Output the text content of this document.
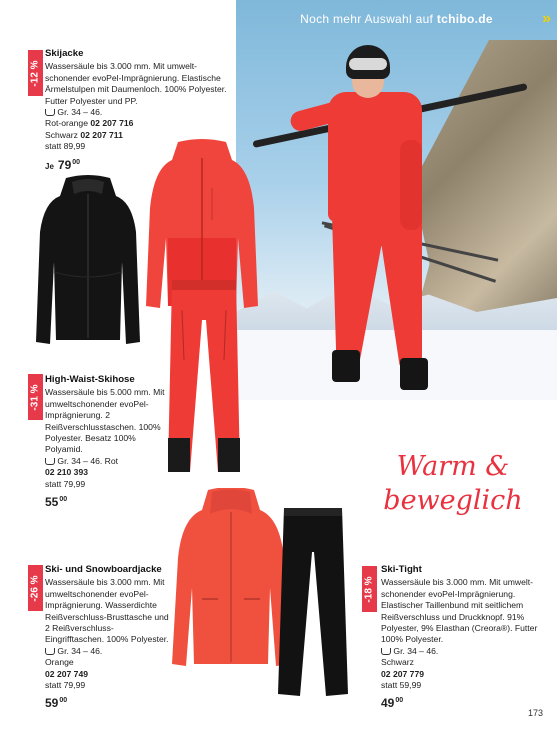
Noch mehr Auswahl auf tchibo.de	»
-12 %
Skijacke
Wassersäule bis 3.000 mm. Mit umwelt-schonender evoPel-Imprägnierung. Elastische Ärmelstulpen mit Daumenloch. 100% Polyester. Futter Polyester und PP.
Gr. 34 – 46.
Rot-orange 02 207 716
Schwarz 02 207 711
statt 89,99
Je $79^{00}$
-31 %
High-Waist-Skihose
Wassersäule bis 5.000 mm. Mit umweltschonender evoPel-Imprägnierung. 2 Reißverschlusstaschen. 100% Polyester. Besatz 100% Polyamid.
Gr. 34 – 46. Rot
02 210 393
statt 79,99
$55^{00}$
Warm &
beweglich
-26 %
Ski- und Snowboardjacke
Wassersäule bis 3.000 mm. Mit umweltschonender evoPel-Imprägnierung. Wasserdichte Reißverschluss-Brusttasche und 2 Reißverschluss-Eingrifftaschen. 100% Polyester.
Gr. 34 – 46.
Orange
02 207 749
statt 79,99
$59^{00}$
-18 %
Ski-Tight
Wassersäule bis 3.000 mm. Mit umwelt-schonender evoPel-Imprägnierung. Elastischer Taillenbund mit seitlichem Reißverschluss und Druckknopf. 91% Polyester, 9% Elasthan (Creora®). Futter 100% Polyester.
Gr. 34 – 46.
Schwarz
02 207 779
statt 59,99
$49^{00}$
173
